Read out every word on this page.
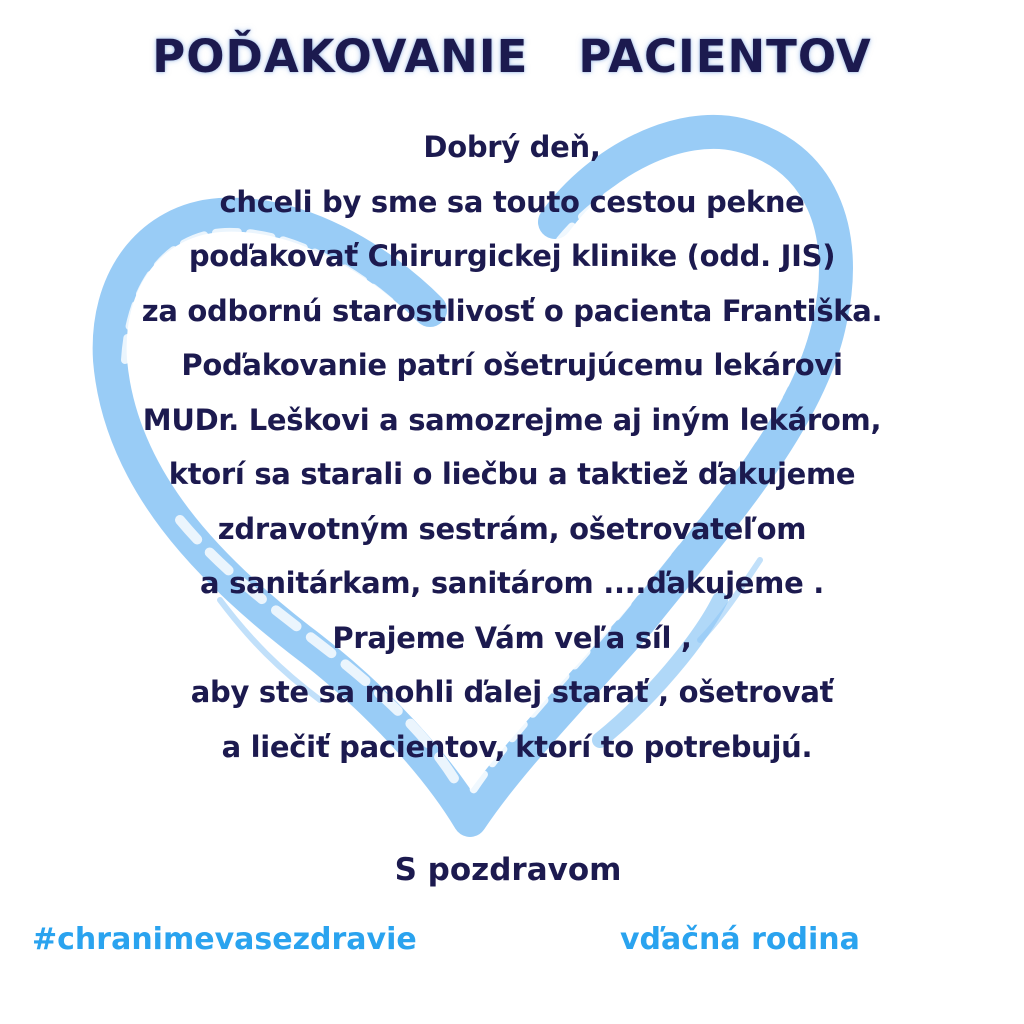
POĎAKOVANIE   PACIENTOV
Dobrý deň,
chceli by sme sa touto cestou pekne
poďakovať Chirurgickej klinike (odd. JIS)
za odbornú starostlivosť o pacienta Františka.
Poďakovanie patrí ošetrujúcemu lekárovi
MUDr. Leškovi a samozrejme aj iným lekárom,
ktorí sa starali o liečbu a taktiež ďakujeme
zdravotným sestrám, ošetrovateľom
a sanitárkam, sanitárom ....ďakujeme .
Prajeme Vám veľa síl ,
aby ste sa mohli ďalej starať , ošetrovať
a liečiť pacientov, ktorí to potrebujú.
S pozdravom
#chranimevasezdravie	vďačná rodina
